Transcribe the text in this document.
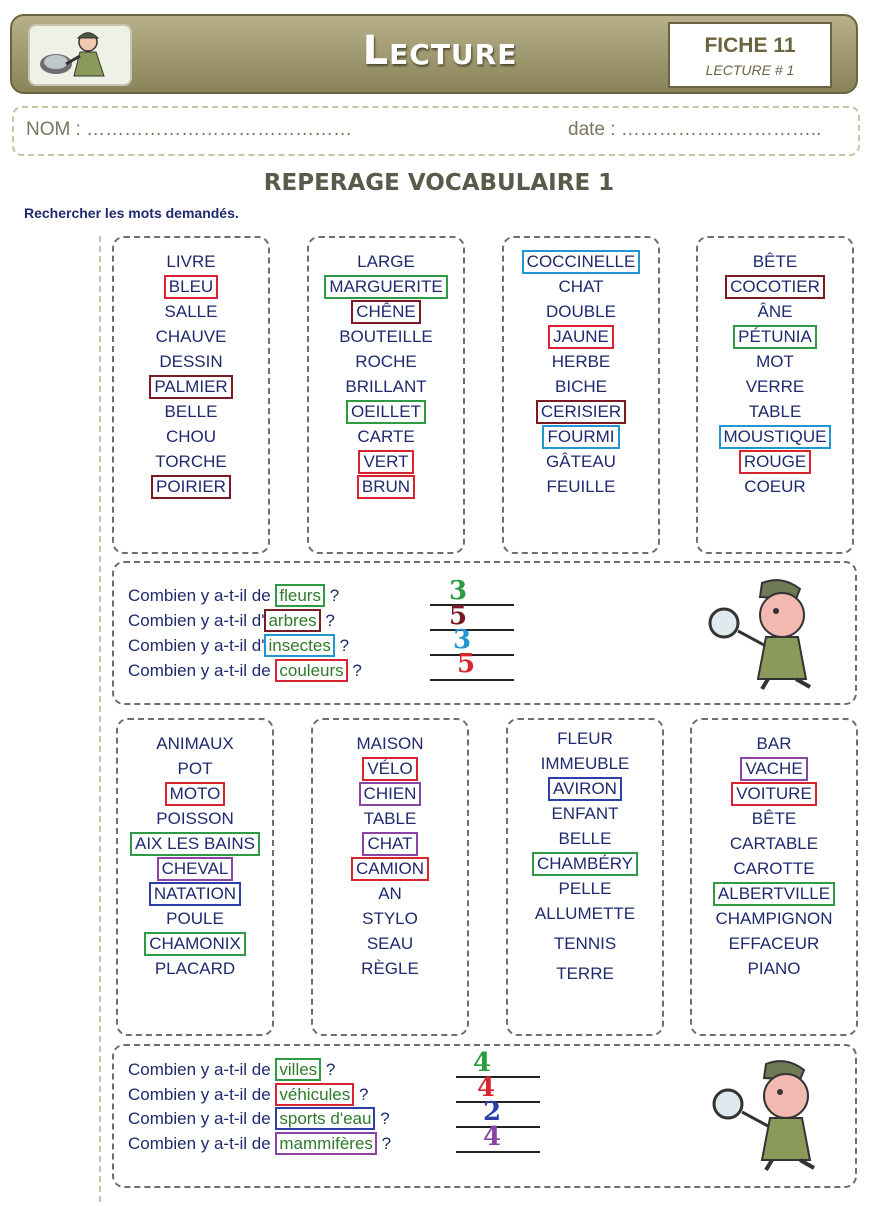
Lecture	FICHE 11
LECTURE # 1
NOM : ……………………………………	date : …………………………..
REPERAGE VOCABULAIRE 1
Rechercher les mots demandés.
LIVRE
BLEU
SALLE
CHAUVE
DESSIN
PALMIER
BELLE
CHOU
TORCHE
POIRIER
LARGE
MARGUERITE
CHÊNE
BOUTEILLE
ROCHE
BRILLANT
OEILLET
CARTE
VERT
BRUN
COCCINELLE
CHAT
DOUBLE
JAUNE
HERBE
BICHE
CERISIER
FOURMI
GÂTEAU
FEUILLE
BÊTE
COCOTIER
ÂNE
PÉTUNIA
MOT
VERRE
TABLE
MOUSTIQUE
ROUGE
COEUR
Combien y a-t-il de fleurs ?
Combien y a-t-il d' arbres ?
Combien y a-t-il d' insectes ?
Combien y a-t-il de couleurs ?
3
5
3
5
ANIMAUX
POT
MOTO
POISSON
AIX LES BAINS
CHEVAL
NATATION
POULE
CHAMONIX
PLACARD
MAISON
VÉLO
CHIEN
TABLE
CHAT
CAMION
AN
STYLO
SEAU
RÈGLE
FLEUR
IMMEUBLE
AVIRON
ENFANT
BELLE
CHAMBÉRY
PELLE
ALLUMETTE
TENNIS
TERRE
BAR
VACHE
VOITURE
BÊTE
CARTABLE
CAROTTE
ALBERTVILLE
CHAMPIGNON
EFFACEUR
PIANO
Combien y a-t-il de villes ?
Combien y a-t-il de véhicules ?
Combien y a-t-il de sports d'eau ?
Combien y a-t-il de mammifères ?
4
4
2
4
